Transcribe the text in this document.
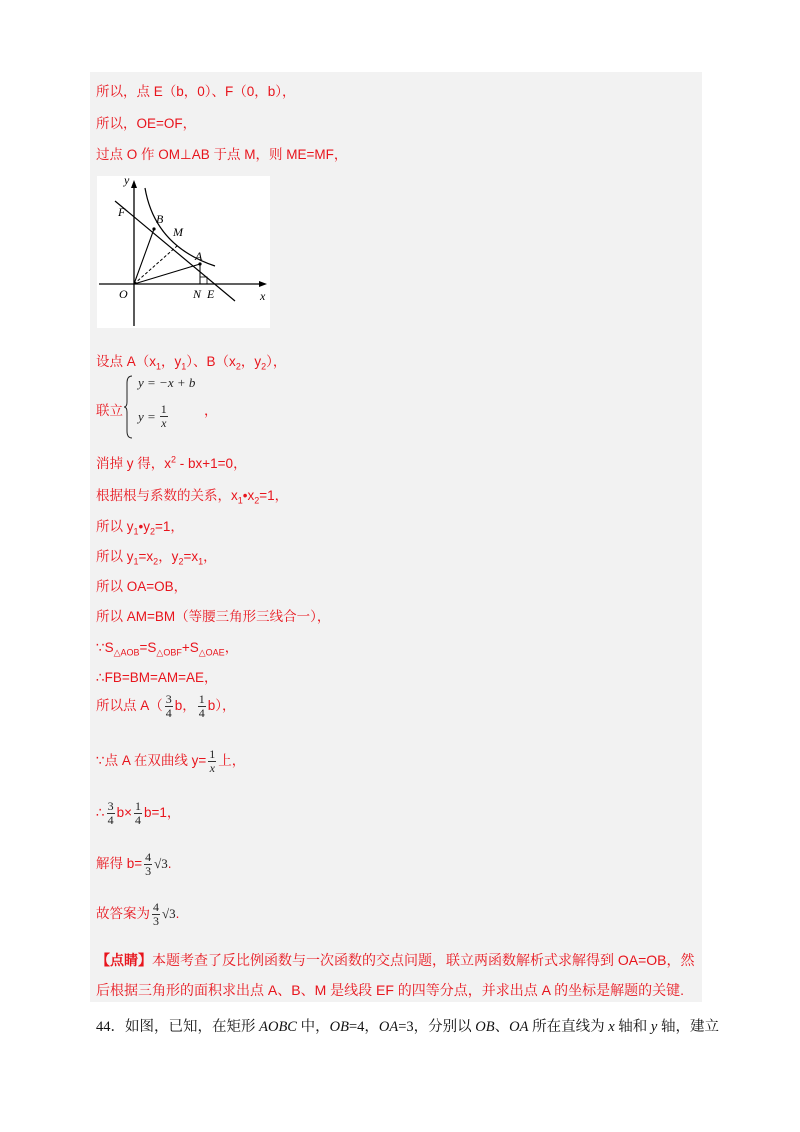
所以，点 E（b，0）、F（0，b），
所以，OE=OF，
过点 O 作 OM⊥AB 于点 M，则 ME=MF，
y
x
F	B
M
A
O	N E
设点 $A(x_1$，$y_1$）、$B(x_2$，$y_2$），
联立
y = −x + b
$y = \frac{1}{x}$	，
消掉 y 得，$x^2 - bx+1=0$，
根据根与系数的关系，$x_1•x_2=1$，
所以 $y_1•y_2=1$，
所以 $y_1=x_2$，$y_2=x_1$，
所以 OA=OB，
所以 AM=BM（等腰三角形三线合一），
$\because S_{\triangle AOB}=S_{\triangle OBF}+S_{\triangle OAE}$，
∴FB=BM=AM=AE，
所以点 $A( \frac{3}{4}$ b， $\frac{1}{4} b$），
∵点 A 在双曲线 $y= \frac{1}{x}$ 上，
∴ $\frac{3}{4} b\times \frac{1}{4} b=1$，
解得 $b= \frac{4}{3} √3$.
故答案为 $\frac{4}{3} √3$.
【点睛】本题考查了反比例函数与一次函数的交点问题，联立两函数解析式求解得到 OA=OB，然
后根据三角形的面积求出点 A、B、M 是线段 EF 的四等分点，并求出点 A 的坐标是解题的关键.
44．如图，已知，在矩形 AOBC 中，OB=4，OA=3，分别以 OB、OA 所在直线为 x 轴和 y 轴，建立
